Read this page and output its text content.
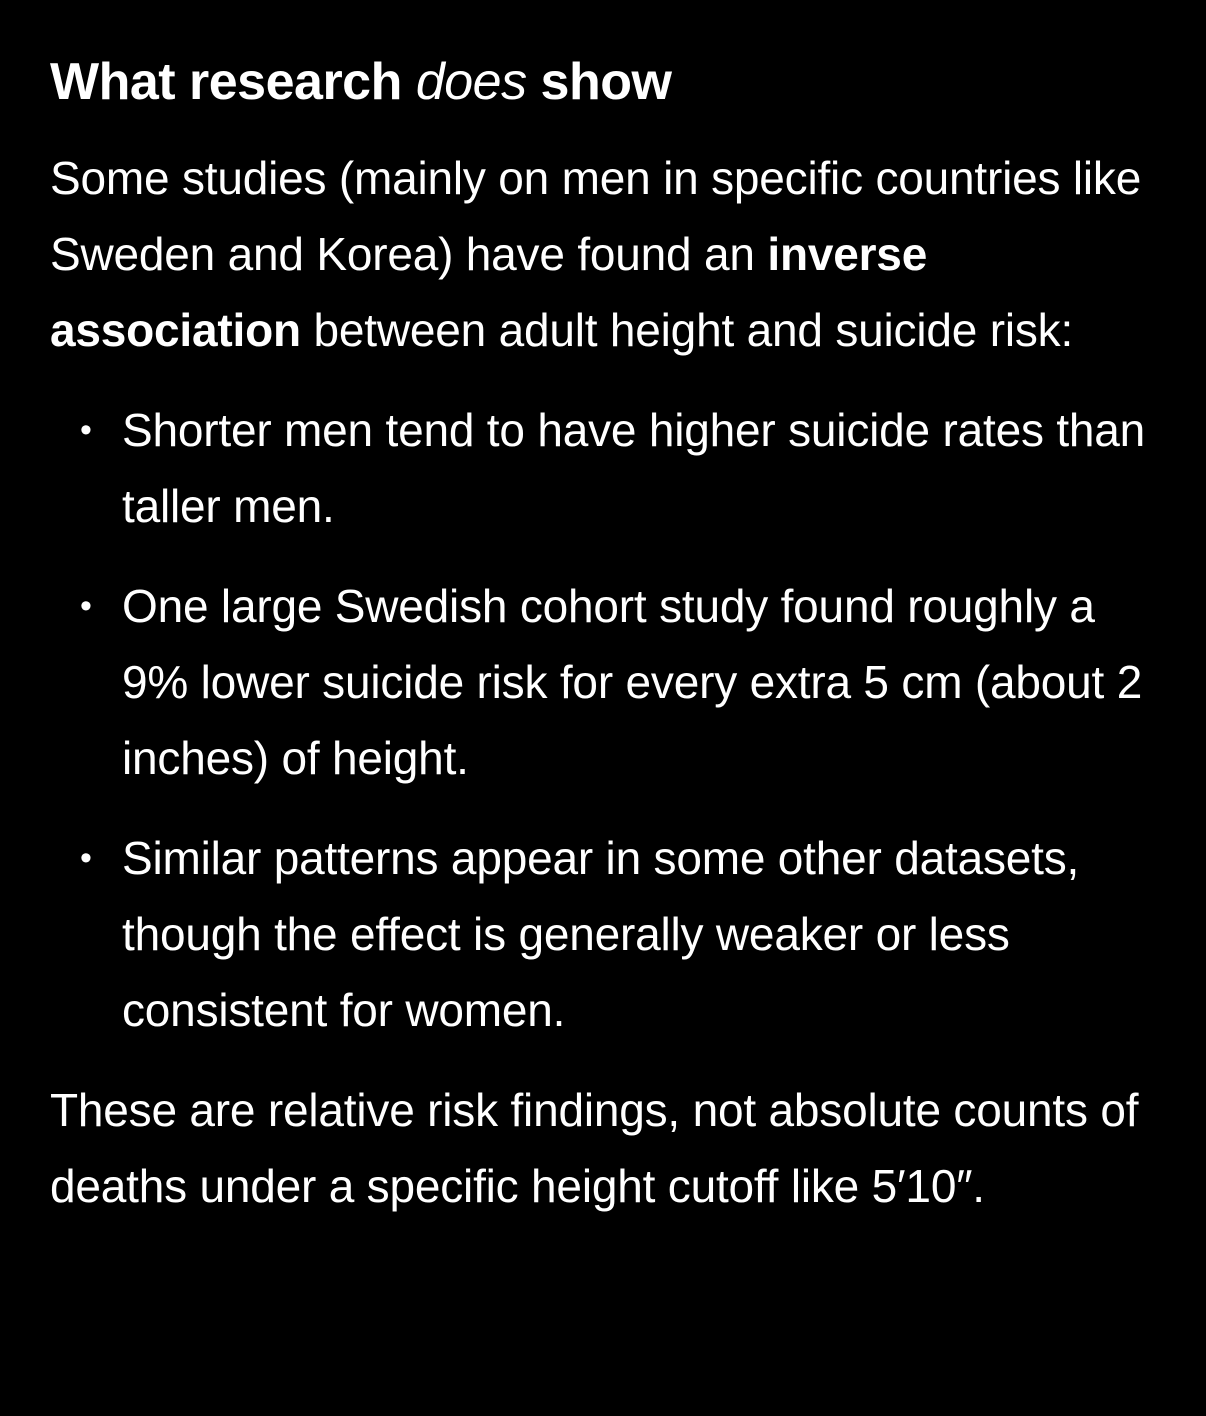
What research does show

Some studies (mainly on men in specific countries like Sweden and Korea) have found an inverse association between adult height and suicide risk:

• Shorter men tend to have higher suicide rates than taller men.
• One large Swedish cohort study found roughly a 9% lower suicide risk for every extra 5 cm (about 2 inches) of height.
• Similar patterns appear in some other datasets, though the effect is generally weaker or less consistent for women.

These are relative risk findings, not absolute counts of deaths under a specific height cutoff like 5′10″.
